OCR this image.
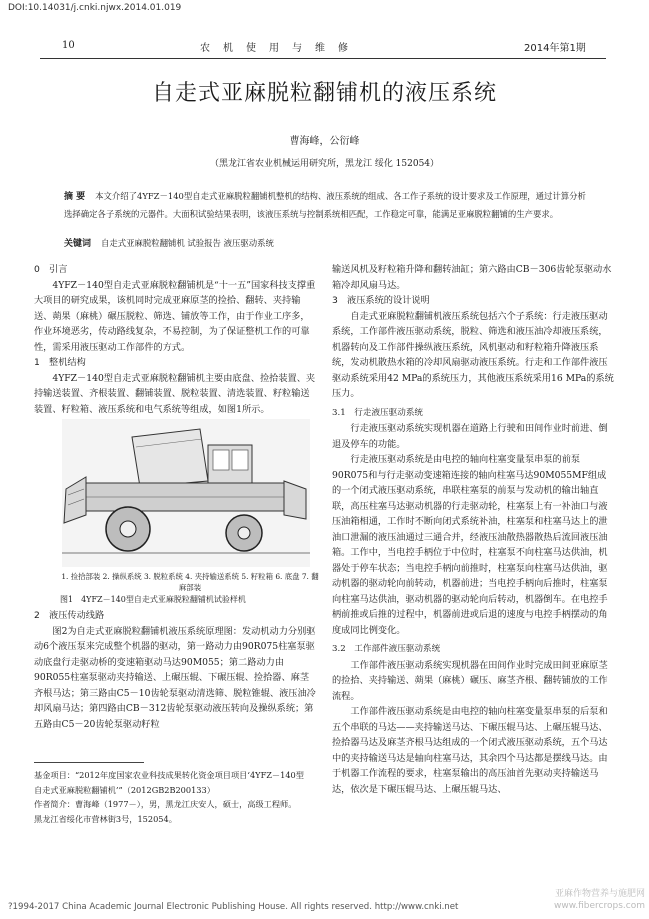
DOI:10.14031/j.cnki.njwx.2014.01.019
10	农机使用与维修	2014年第1期
自走式亚麻脱粒翻铺机的液压系统
曹海峰，公衍峰
（黑龙江省农业机械运用研究所，黑龙江 绥化 152054）
摘 要 本文介绍了4YFZ－140型自走式亚麻脱粒翻铺机整机的结构、液压系统的组成、各工作子系统的设计要求及工作原理，通过计算分析选择确定各子系统的元器件。大面积试验结果表明，该液压系统与控制系统相匹配，工作稳定可靠，能满足亚麻脱粒翻铺的生产要求。
关键词 自走式亚麻脱粒翻铺机 试验报告 液压驱动系统

0　引言

4YFZ－140型自走式亚麻脱粒翻铺机是“十一五”国家科技支撑重大项目的研究成果，该机同时完成亚麻原茎的捡拾、翻转、夹持输送、蒴果（麻桃）碾压脱粒、筛选、铺放等工作，由于作业工序多，作业环境恶劣，传动路线复杂，不易控制，为了保证整机工作的可靠性，需采用液压驱动工作部件的方式。

1　整机结构

4YFZ－140型自走式亚麻脱粒翻铺机主要由底盘、捡拾装置、夹持输送装置、齐根装置、翻铺装置、脱粒装置、清选装置、籽粒输送装置、籽粒箱、液压系统和电气系统等组成，如图1所示。

1. 捡拾部装 2. 操纵系统 3. 脱粒系统 4. 夹持输送系统 5. 籽粒箱 6. 底盘 7. 翻麻部装
图1　4YFZ－140型自走式亚麻脱粒翻铺机试验样机

2　液压传动线路

图2为自走式亚麻脱粒翻铺机液压系统原理图：发动机动力分别驱动6个液压泵来完成整个机器的驱动，第一路动力由90R075柱塞泵驱动底盘行走驱动桥的变速箱驱动马达90M055；第二路动力由90R055柱塞泵驱动夹持输送、上碾压辊、下碾压辊、捡拾器、麻茎齐根马达；第三路由C5－10齿轮泵驱动清选筛、脱粒锥辊、液压油冷却风扇马达；第四路由CB－312齿轮泵驱动液压转向及操纵系统；第五路由C5－20齿轮泵驱动籽粒

基金项目：“2012年度国家农业科技成果转化资金项目项目‘4YFZ－140型自走式亚麻脱粒翻铺机’”（2012GB2B200133）
作者简介：曹海峰（1977－），男，黑龙江庆安人，硕士，高级工程师。黑龙江省绥化市营林街3号，152054。

输送风机及籽粒箱升降和翻转油缸；第六路由CB－306齿轮泵驱动水箱冷却风扇马达。

3　液压系统的设计说明

自走式亚麻脱粒翻铺机液压系统包括六个子系统：行走液压驱动系统，工作部件液压驱动系统，脱粒、筛选和液压油冷却液压系统，机器转向及工作部件操纵液压系统，风机驱动和籽粒箱升降液压系统，发动机散热水箱的冷却风扇驱动液压系统。行走和工作部件液压驱动系统采用42 MPa的系统压力，其他液压系统采用16 MPa的系统压力。

3.1　行走液压驱动系统

行走液压驱动系统实现机器在道路上行驶和田间作业时前进、倒退及停车的功能。

行走液压驱动系统是由电控的轴向柱塞变量泵串泵的前泵90R075和与行走驱动变速箱连接的轴向柱塞马达90M055MF组成的一个闭式液压驱动系统，串联柱塞泵的前泵与发动机的输出轴直联，高压柱塞马达驱动机器的行走驱动轮，柱塞泵上有一补油口与液压油箱相通，工作时不断向闭式系统补油，柱塞泵和柱塞马达上的泄油口泄漏的液压油通过三通合并，经液压油散热器散热后流回液压油箱。工作中，当电控手柄位于中位时，柱塞泵不向柱塞马达供油，机器处于停车状态；当电控手柄向前推时，柱塞泵向柱塞马达供油，驱动机器的驱动轮向前转动，机器前进；当电控手柄向后推时，柱塞泵向柱塞马达供油，驱动机器的驱动轮向后转动，机器倒车。在电控手柄前推或后推的过程中，机器前进或后退的速度与电控手柄摆动的角度成同比例变化。

3.2　工作部件液压驱动系统

工作部件液压驱动系统实现机器在田间作业时完成田间亚麻原茎的捡拾、夹持输送、蒴果（麻桃）碾压、麻茎齐根、翻转铺放的工作流程。

工作部件液压驱动系统是由电控的轴向柱塞变量泵串泵的后泵和五个串联的马达——夹持输送马达、下碾压辊马达、上碾压辊马达、捡拾器马达及麻茎齐根马达组成的一个闭式液压驱动系统，五个马达中的夹持输送马达是轴向柱塞马达，其余四个马达都是摆线马达。由于机器工作流程的要求，柱塞泵输出的高压油首先驱动夹持输送马达，依次是下碾压辊马达、上碾压辊马达、

?1994-2017 China Academic Journal Electronic Publishing House. All rights reserved. http://www.cnki.net
亚麻作物营养与施肥网 www.fibercrops.com
